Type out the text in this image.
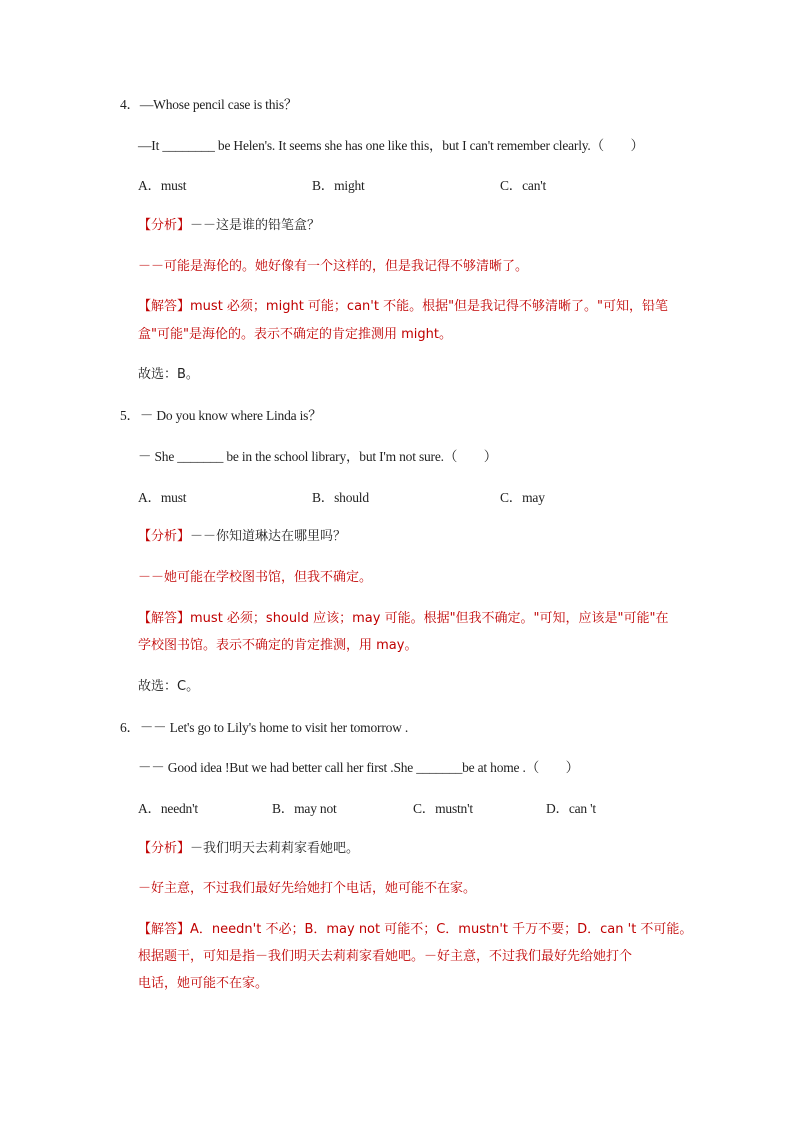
4．—Whose pencil case is this？
—It ________ be Helen's. It seems she has one like this，but I can't remember clearly.（　　）
A．must	B．might	C．can't
【分析】－－这是谁的铅笔盒？
－－可能是海伦的。她好像有一个这样的，但是我记得不够清晰了。
【解答】must 必须；might 可能；can't 不能。根据"但是我记得不够清晰了。"可知，铅笔
盒"可能"是海伦的。表示不确定的肯定推测用 might。
故选：B。
5．－ Do you know where Linda is？
－ She _______ be in the school library，but I'm not sure.（　　）
A．must	B．should	C．may
【分析】－－你知道琳达在哪里吗？
－－她可能在学校图书馆，但我不确定。
【解答】must 必须；should 应该；may 可能。根据"但我不确定。"可知，应该是"可能"在
学校图书馆。表示不确定的肯定推测，用 may。
故选：C。
6．－－ Let's go to Lily's home to visit her tomorrow .
－－ Good idea !But we had better call her first .She _______be at home .（　　）
A．needn't	B．may not	C．mustn't	D．can 't
【分析】－我们明天去莉莉家看她吧。
－好主意，不过我们最好先给她打个电话，她可能不在家。
【解答】A．needn't 不必；B．may not 可能不；C．mustn't 千万不要；D．can 't 不可能。
根据题干，可知是指－我们明天去莉莉家看她吧。－好主意，不过我们最好先给她打个
电话，她可能不在家。
